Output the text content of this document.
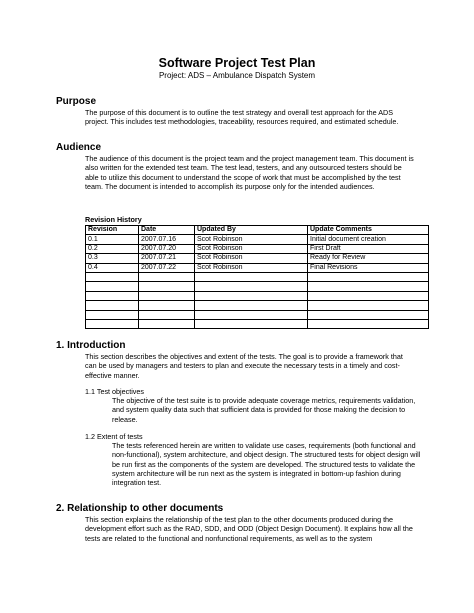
Software Project Test Plan

Project: ADS – Ambulance Dispatch System

Purpose

The purpose of this document is to outline the test strategy and overall test approach for the ADS project. This includes test methodologies, traceability, resources required, and estimated schedule.

Audience

The audience of this document is the project team and the project management team. This document is also written for the extended test team. The test lead, testers, and any outsourced testers should be able to utilize this document to understand the scope of work that must be accomplished by the test team. The document is intended to accomplish its purpose only for the intended audiences.

Revision History

Revision	Date	Updated By	Update Comments
0.1	2007.07.16	Scot Robinson	Initial document creation
0.2	2007.07.20	Scot Robinson	First Draft
0.3	2007.07.21	Scot Robinson	Ready for Review
0.4	2007.07.22	Scot Robinson	Final Revisions

1. Introduction

This section describes the objectives and extent of the tests. The goal is to provide a framework that can be used by managers and testers to plan and execute the necessary tests in a timely and cost-effective manner.

1.1 Test objectives

The objective of the test suite is to provide adequate coverage metrics, requirements validation, and system quality data such that sufficient data is provided for those making the decision to release.

1.2 Extent of tests

The tests referenced herein are written to validate use cases, requirements (both functional and non-functional), system architecture, and object design. The structured tests for object design will be run first as the components of the system are developed. The structured tests to validate the system architecture will be run next as the system is integrated in bottom-up fashion during integration test.

2. Relationship to other documents

This section explains the relationship of the test plan to the other documents produced during the development effort such as the RAD, SDD, and ODD (Object Design Document). It explains how all the tests are related to the functional and nonfunctional requirements, as well as to the system
